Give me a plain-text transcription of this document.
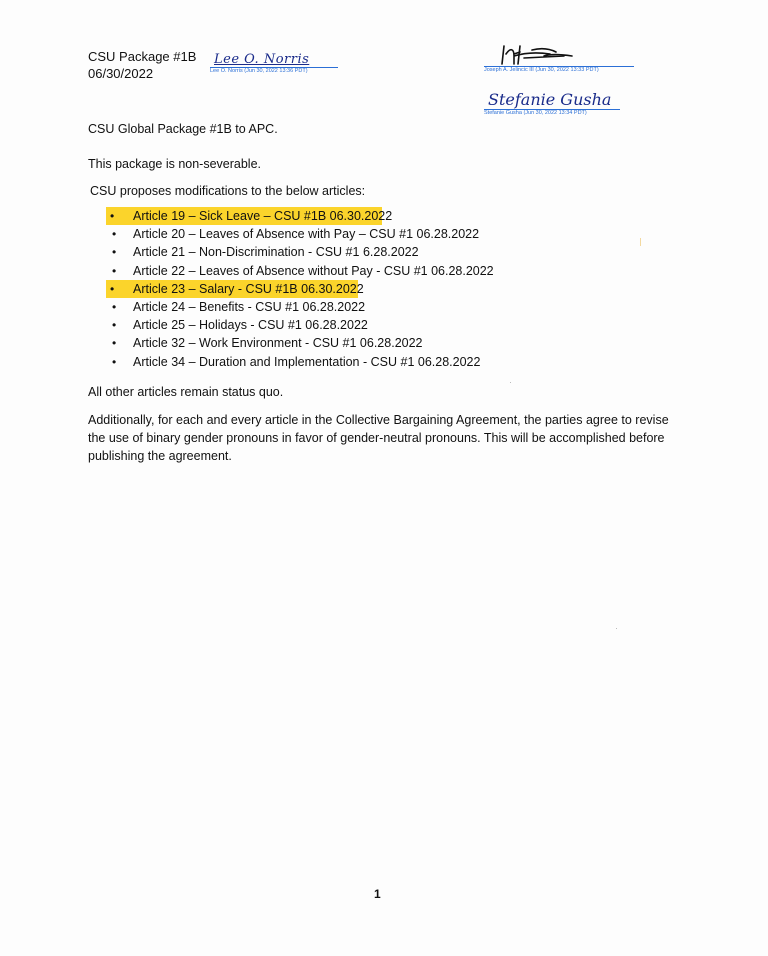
CSU Package #1B
06/30/2022
Lee O. Norris
Lee O. Norris (Jun 30, 2022 13:36 PDT)	Joseph A. Jelincic III (Jun 30, 2022 13:33 PDT)
Stefanie Gusha
Stefanie Gusha (Jun 30, 2022 13:34 PDT)

CSU Global Package #1B to APC.

This package is non-severable.

CSU proposes modifications to the below articles:

• Article 19 – Sick Leave – CSU #1B 06.30.2022
• Article 20 – Leaves of Absence with Pay – CSU #1 06.28.2022
• Article 21 – Non-Discrimination - CSU #1 6.28.2022
• Article 22 – Leaves of Absence without Pay - CSU #1 06.28.2022
• Article 23 – Salary - CSU #1B 06.30.2022
• Article 24 – Benefits - CSU #1 06.28.2022
• Article 25 – Holidays - CSU #1 06.28.2022
• Article 32 – Work Environment - CSU #1 06.28.2022
• Article 34 – Duration and Implementation - CSU #1 06.28.2022

All other articles remain status quo.

Additionally, for each and every article in the Collective Bargaining Agreement, the parties agree to revise the use of binary gender pronouns in favor of gender-neutral pronouns. This will be accomplished before publishing the agreement.

1
